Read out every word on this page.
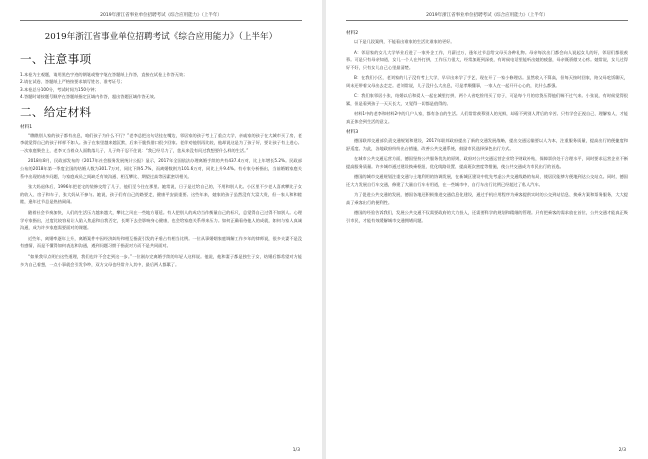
2019年浙江省事业单位招聘考试《综合应用能力》（上半年）
2019年浙江省事业单位招聘考试《综合应用能力》（上半年）
一、注意事项
1.本卷为主观题，请用黑色字迹的钢笔或签字笔在答题纸上作答，直接在试卷上作答无效；
2.请在试卷、答题纸上严格按要求填写姓名、准考证号；
3.本卷总分100分，考试时间为150分钟；
4.答题时请按题号顺序在答题纸指定区域内作答，超出答题区域作答无效。
二、给定材料
材料1

“瞧瞧别人家的孩子都有出息，咱们孩子为什么不行？”老李总把这句话挂在嘴边，邻居家的孩子考上了重点大学，亲戚家的孩子在大城市买了房，老李就觉得自己的孩子样样不如人。孩子在家里越来越沉默，后来干脆找借口很少回家。老伴劝他别再比较，他却说这是为了孩子好，要让孩子有上进心。一次家庭聚会上，老李又当着众人面数落儿子，儿子终于忍不住说：“我已经尽力了，您从来没有问过我想要什么样的生活。”

2018年8月，民政部发布的《2017年社会服务发展统计公报》显示，2017年全国依法办理离婚手续的共有437.4万对，比上年增长5.2%。民政部公布的2018年第一季度全国的结婚人数为301.7万对，同比下降5.7%，而离婚数则为101.6万对，同比上升9.4%。有专家分析指出，当前婚姻家庭关系中出现的诸多问题，与家庭成员之间缺乏有效沟通、相互攀比、期望过高等因素密切相关。

张大妈退休后，1996年把老宅的装修交给了儿子，他们至今住在那里。她常说，日子是过给自己的，不用和别人比。小区里不少老人喜欢攀比子女的收入、房子和车子，张大妈从不参与。她说，孩子们有自己的路要走，健康平安最重要。这些年来，她家的孩子虽然没有大富大贵，但一家人和和睦睦，逢年过节总是热热闹闹。

随着社会节奏加快，人们的生活压力越来越大，攀比之风在一些地方蔓延。有人把别人的成功当作衡量自己的标尺，总觉得自己过得不如别人。心理学专家指出，过度比较容易让人陷入焦虑和自我否定，长期下去会影响身心健康，也会给家庭关系带来压力。如何正确看待他人的成就，如何与家人真诚沟通，成为许多家庭需要面对的课题。

近些年，离婚率逐年上升，离婚案件中因经济纠纷和相互指责引发的矛盾占有相当比例。一位从事婚姻家庭调解工作多年的律师说，很多夫妻不是没有感情，而是不懂得如何表达和沟通，遇到问题习惯于指责对方而不是共同面对。

“如果我早点明白这些道理，我们也许不会走到这一步。”一位刚办完离婚手续的年轻人这样说。他说，他和妻子都是独生子女，结婚后都希望对方能多为自己着想，一点小事就会引发争吵，双方父母也经常介入其中，最后两人都累了。

1/3
2019年浙江省事业单位招聘考试《综合应用能力》（上半年）
材料2

以下是几段案例，不能看出谁家的生活比谁家的更好。

A：邻居家的女儿大学毕业后进了一家外企工作，月薪过万，逢年过节总给父母买各种礼物。母亲每次出门都会向人说起女儿的好，邻居们都很羡慕。可是只有母亲知道，女儿一个人在外打拼，工作压力很大，经常加班到深夜，有时候电话里能听出她的疲惫，母亲既骄傲又心疼。她常说，女儿过得好不好，只有女儿自己心里最清楚。

B：在我们小区，老刘家的儿子没有考上大学，早早出来学了手艺，现在开了一家小修理店。虽然收入不算高，但每天按时回家，陪父母吃饭聊天，周末还带着父母出去走走。老刘常说，儿子没什么大出息，可是孝顺懂事，一家人在一起开开心心的，比什么都强。

C：我们家邻居小张，结婚以后和爱人一起在城里打拼，两个人省吃俭用买了房子，可是每个月的房贷压得他们喘不过气来。小张说，有时候觉得很累，但是看到孩子一天天长大，又觉得一切都是值得的。

材料1中的老李和材料2中的几户人家，都有各自的生活。人们常常羡慕别人的光鲜，却看不到别人背后的辛苦。只有学会正视自己、理解家人，才能真正体会到生活的意义。

材料3

德国联邦交通部负责交通规划和建设，2017年联邦政府提出了新的交通发展战略，提出交通运输要以人为本，注重服务质量，提高出行的便捷度和舒适度。为此，各地政府纷纷出台措施，改善公共交通系统，鼓励市民选择绿色出行方式。

在城市公共交通运营方面，德国坚持公共服务优先的原则，政府对公共交通运营企业给予财政补贴，保障票价处于合理水平，同时要求运营企业不断提高服务质量。许多城市通过建设换乘枢纽、优化线路设置、提高班次密度等措施，使公共交通成为市民出行的首选。

德国的城市交通规划注重交通与土地利用的协调发展，在新城区建设中优先考虑公共交通线路的布局，使居民能够方便地到达公交站点。同时，德国还大力发展自行车交通，修建了大量自行车专用道，在一些城市中，自行车出行比例已经超过了私人汽车。

为了促进公共交通的发展，德国各地还积极推进交通信息化建设，通过手机应用程序为乘客提供实时的公交到站信息、换乘方案和票务服务，大大提高了乘客出行的便利性。

德国的经验告诉我们，发展公共交通不仅需要政府的大力投入，还需要科学的规划和精细的管理。只有把乘客的需求放在首位，公共交通才能真正吸引市民，才能有效缓解城市交通拥堵问题。

2/3
